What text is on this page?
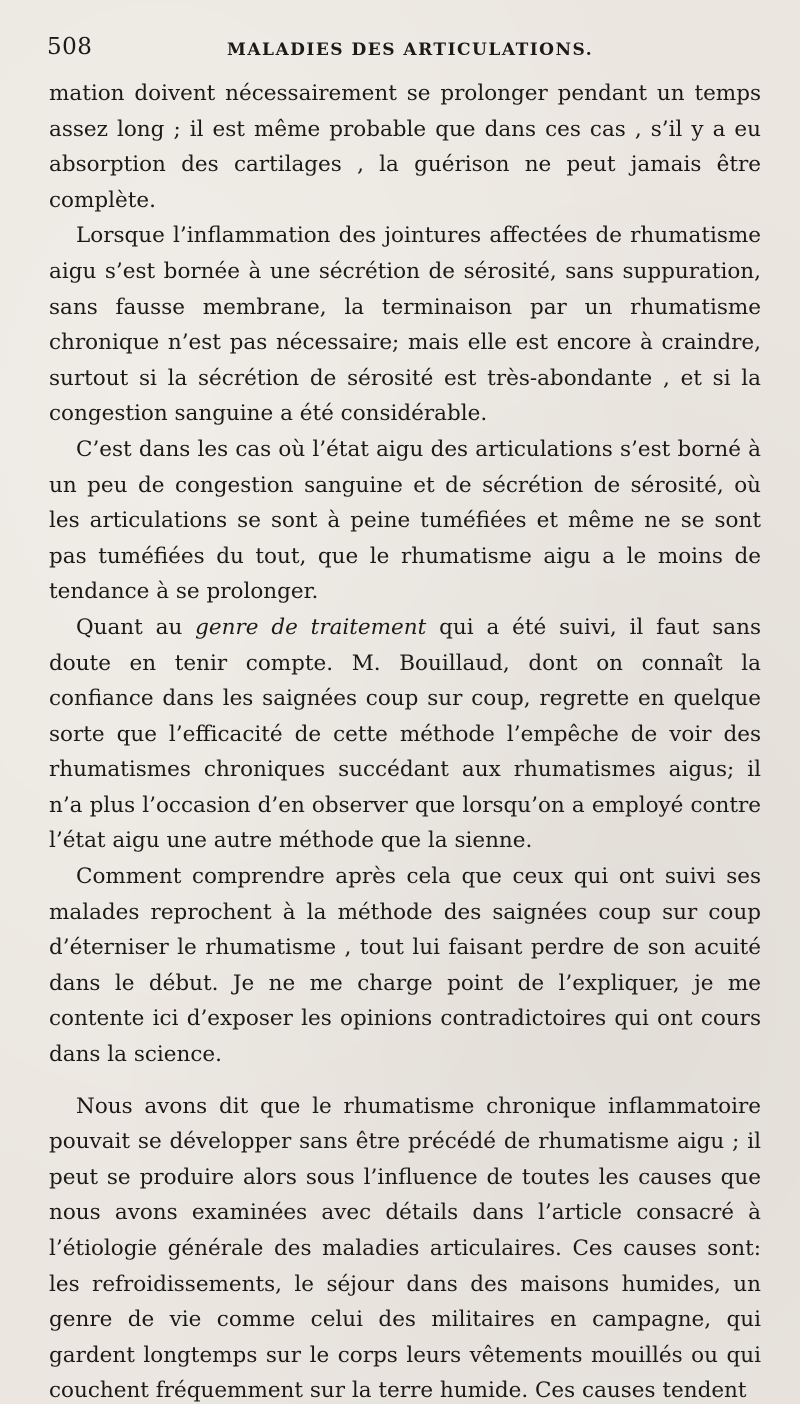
508	MALADIES DES ARTICULATIONS.

mation doivent nécessairement se prolonger pendant un temps assez long ; il est même probable que dans ces cas , s’il y a eu absorption des cartilages , la guérison ne peut jamais être complète.

Lorsque l’inflammation des jointures affectées de rhumatisme aigu s’est bornée à une sécrétion de sérosité, sans suppuration, sans fausse membrane, la terminaison par un rhumatisme chronique n’est pas nécessaire; mais elle est encore à craindre, surtout si la sécrétion de sérosité est très-abondante , et si la congestion sanguine a été considérable.

C’est dans les cas où l’état aigu des articulations s’est borné à un peu de congestion sanguine et de sécrétion de sérosité, où les articulations se sont à peine tuméfiées et même ne se sont pas tuméfiées du tout, que le rhumatisme aigu a le moins de tendance à se prolonger.

Quant au genre de traitement qui a été suivi, il faut sans doute en tenir compte. M. Bouillaud, dont on connaît la confiance dans les saignées coup sur coup, regrette en quelque sorte que l’efficacité de cette méthode l’empêche de voir des rhumatismes chroniques succédant aux rhumatismes aigus; il n’a plus l’occasion d’en observer que lorsqu’on a employé contre l’état aigu une autre méthode que la sienne.

Comment comprendre après cela que ceux qui ont suivi ses malades reprochent à la méthode des saignées coup sur coup d’éterniser le rhumatisme , tout lui faisant perdre de son acuité dans le début. Je ne me charge point de l’expliquer, je me contente ici d’exposer les opinions contradictoires qui ont cours dans la science.

Nous avons dit que le rhumatisme chronique inflammatoire pouvait se développer sans être précédé de rhumatisme aigu ; il peut se produire alors sous l’influence de toutes les causes que nous avons examinées avec détails dans l’article consacré à l’étiologie générale des maladies articulaires. Ces causes sont: les refroidissements, le séjour dans des maisons humides, un genre de vie comme celui des militaires en campagne, qui gardent longtemps sur le corps leurs vêtements mouillés ou qui couchent fréquemment sur la terre humide. Ces causes tendent
